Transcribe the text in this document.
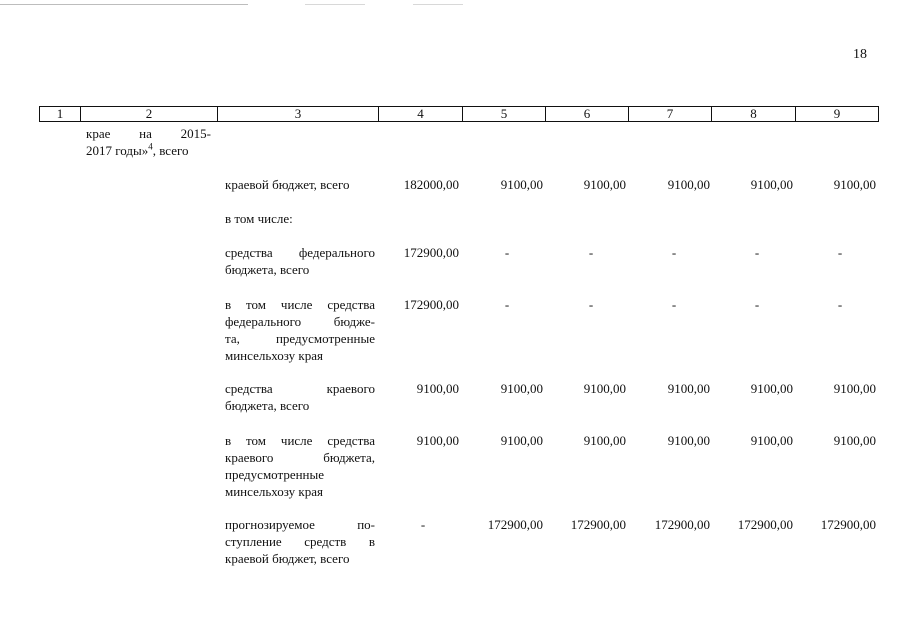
18
1	2	3	4	5	6	7	8	9
крае на 2015-

2017 годы»$^4$, всего
краевой бюджет, всего	182000,00	9100,00	9100,00	9100,00	9100,00	9100,00
в том числе:
средства федерального
бюджета, всего
172900,00	-	-	-	-	-
в том числе средства
федерального бюдже-
та, предусмотренные
минсельхозу края
172900,00	-	-	-	-	-
средства краевого
бюджета, всего
9100,00	9100,00	9100,00	9100,00	9100,00	9100,00
в том числе средства
краевого бюджета,
предусмотренные
минсельхозу края
9100,00	9100,00	9100,00	9100,00	9100,00	9100,00
прогнозируемое по-
ступление средств в
краевой бюджет, всего
-	172900,00	172900,00	172900,00	172900,00	172900,00
